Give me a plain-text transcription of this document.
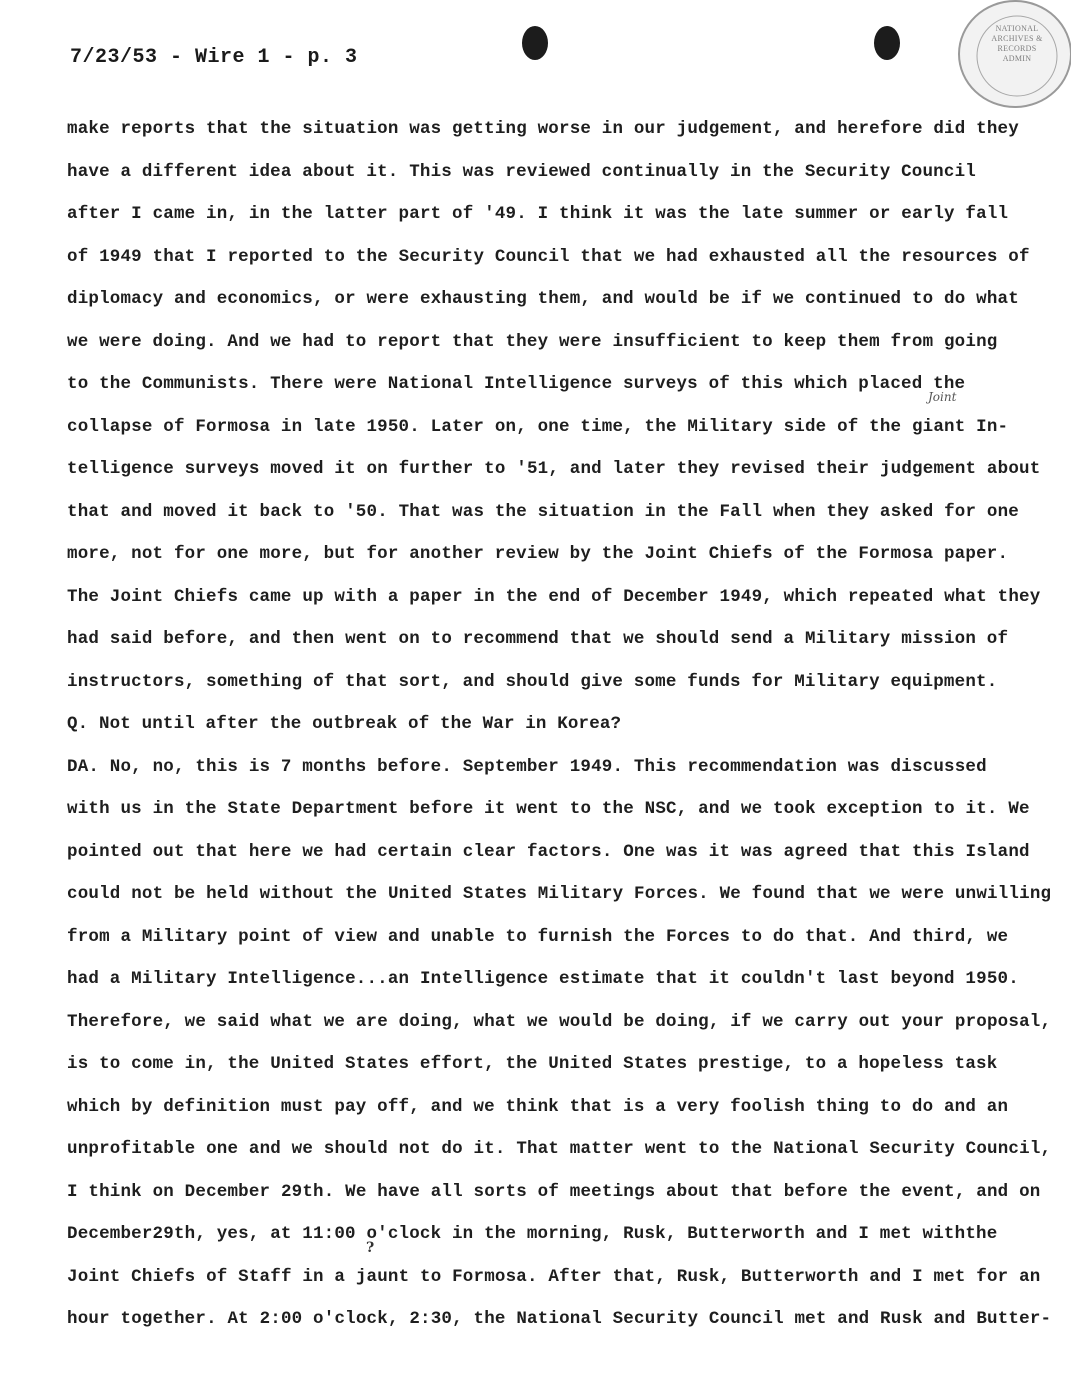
NATIONAL
ARCHIVES &
RECORDS
ADMIN
7/23/53 - Wire 1 - p. 3
Joint
?
make reports that the situation was getting worse in our judgement, and herefore did they
have a different idea about it. This was reviewed continually in the Security Council
after I came in, in the latter part of '49. I think it was the late summer or early fall
of 1949 that I reported to the Security Council that we had exhausted all the resources of
diplomacy and economics, or were exhausting them, and would be if we continued to do what
we were doing. And we had to report that they were insufficient to keep them from going
to the Communists. There were National Intelligence surveys of this which placed the
collapse of Formosa in late 1950. Later on, one time, the Military side of the giant In-
telligence surveys moved it on further to '51, and later they revised their judgement about
that and moved it back to '50. That was the situation in the Fall when they asked for one
more, not for one more, but for another review by the Joint Chiefs of the Formosa paper.
The Joint Chiefs came up with a paper in the end of December 1949, which repeated what they
had said before, and then went on to recommend that we should send a Military mission of
instructors, something of that sort, and should give some funds for Military equipment.
Q. Not until after the outbreak of the War in Korea?
DA. No, no, this is 7 months before. September 1949. This recommendation was discussed
with us in the State Department before it went to the NSC, and we took exception to it. We
pointed out that here we had certain clear factors. One was it was agreed that this Island
could not be held without the United States Military Forces. We found that we were unwilling
from a Military point of view and unable to furnish the Forces to do that. And third, we
had a Military Intelligence...an Intelligence estimate that it couldn't last beyond 1950.
Therefore, we said what we are doing, what we would be doing, if we carry out your proposal,
is to come in, the United States effort, the United States prestige, to a hopeless task
which by definition must pay off, and we think that is a very foolish thing to do and an
unprofitable one and we should not do it. That matter went to the National Security Council,
I think on December 29th. We have all sorts of meetings about that before the event, and on
December29th, yes, at 11:00 o'clock in the morning, Rusk, Butterworth and I met withthe
Joint Chiefs of Staff in a jaunt to Formosa. After that, Rusk, Butterworth and I met for an
hour together. At 2:00 o'clock, 2:30, the National Security Council met and Rusk and Butter-
